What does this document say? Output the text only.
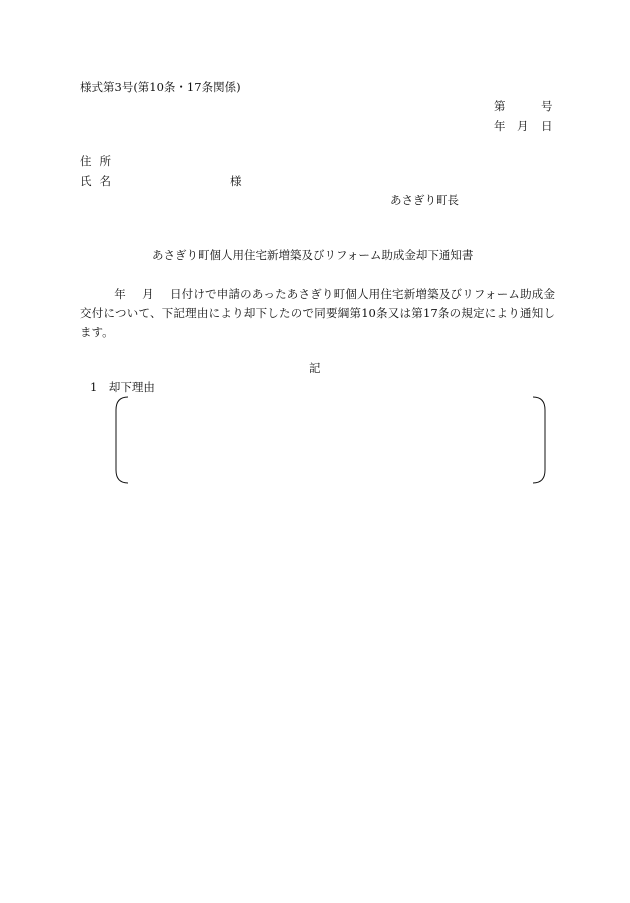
様式第3号(第10条・17条関係)
第	号
年 月 日
住所
氏名	様
あさぎり町長
あさぎり町個人用住宅新増築及びリフォーム助成金却下通知書
年 月 日付けで申請のあったあさぎり町個人用住宅新増築及びリフォーム助成金交付について、下記理由により却下したので同要綱第10条又は第17条の規定により通知します。
記
1　却下理由
